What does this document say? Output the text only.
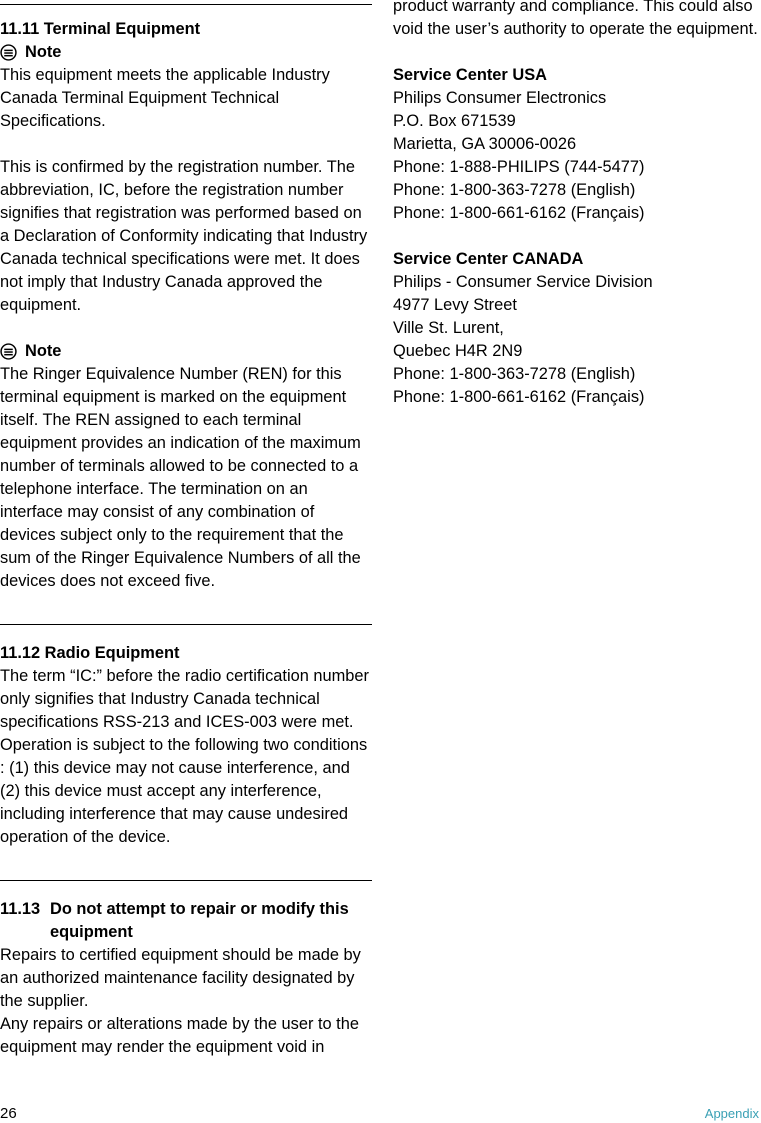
11.11 Terminal Equipment
Note

This equipment meets the applicable Industry Canada Terminal Equipment Technical Specifications.

This is confirmed by the registration number. The abbreviation, IC, before the registration number signifies that registration was performed based on a Declaration of Conformity indicating that Industry Canada technical specifications were met. It does not imply that Industry Canada approved the equipment.

Note

The Ringer Equivalence Number (REN) for this terminal equipment is marked on the equipment itself. The REN assigned to each terminal equipment provides an indication of the maximum number of terminals allowed to be connected to a telephone interface. The termination on an interface may consist of any combination of devices subject only to the requirement that the sum of the Ringer Equivalence Numbers of all the devices does not exceed five.

11.12 Radio Equipment

The term “IC:” before the radio certification number only signifies that Industry Canada technical specifications RSS-213 and ICES-003 were met. Operation is subject to the following two conditions : (1) this device may not cause interference, and (2) this device must accept any interference, including interference that may cause undesired operation of the device.

11.13 Do not attempt to repair or modify this equipment

Repairs to certified equipment should be made by an authorized maintenance facility designated by the supplier.

Any repairs or alterations made by the user to the equipment may render the equipment void in

product warranty and compliance. This could also void the user’s authority to operate the equipment.

Service Center USA
Philips Consumer Electronics
P.O. Box 671539
Marietta, GA 30006-0026
Phone: 1-888-PHILIPS (744-5477)
Phone: 1-800-363-7278 (English)
Phone: 1-800-661-6162 (Français)
Service Center CANADA
Philips - Consumer Service Division
4977 Levy Street
Ville St. Lurent,
Quebec H4R 2N9
Phone: 1-800-363-7278 (English)
Phone: 1-800-661-6162 (Français)
26	Appendix
